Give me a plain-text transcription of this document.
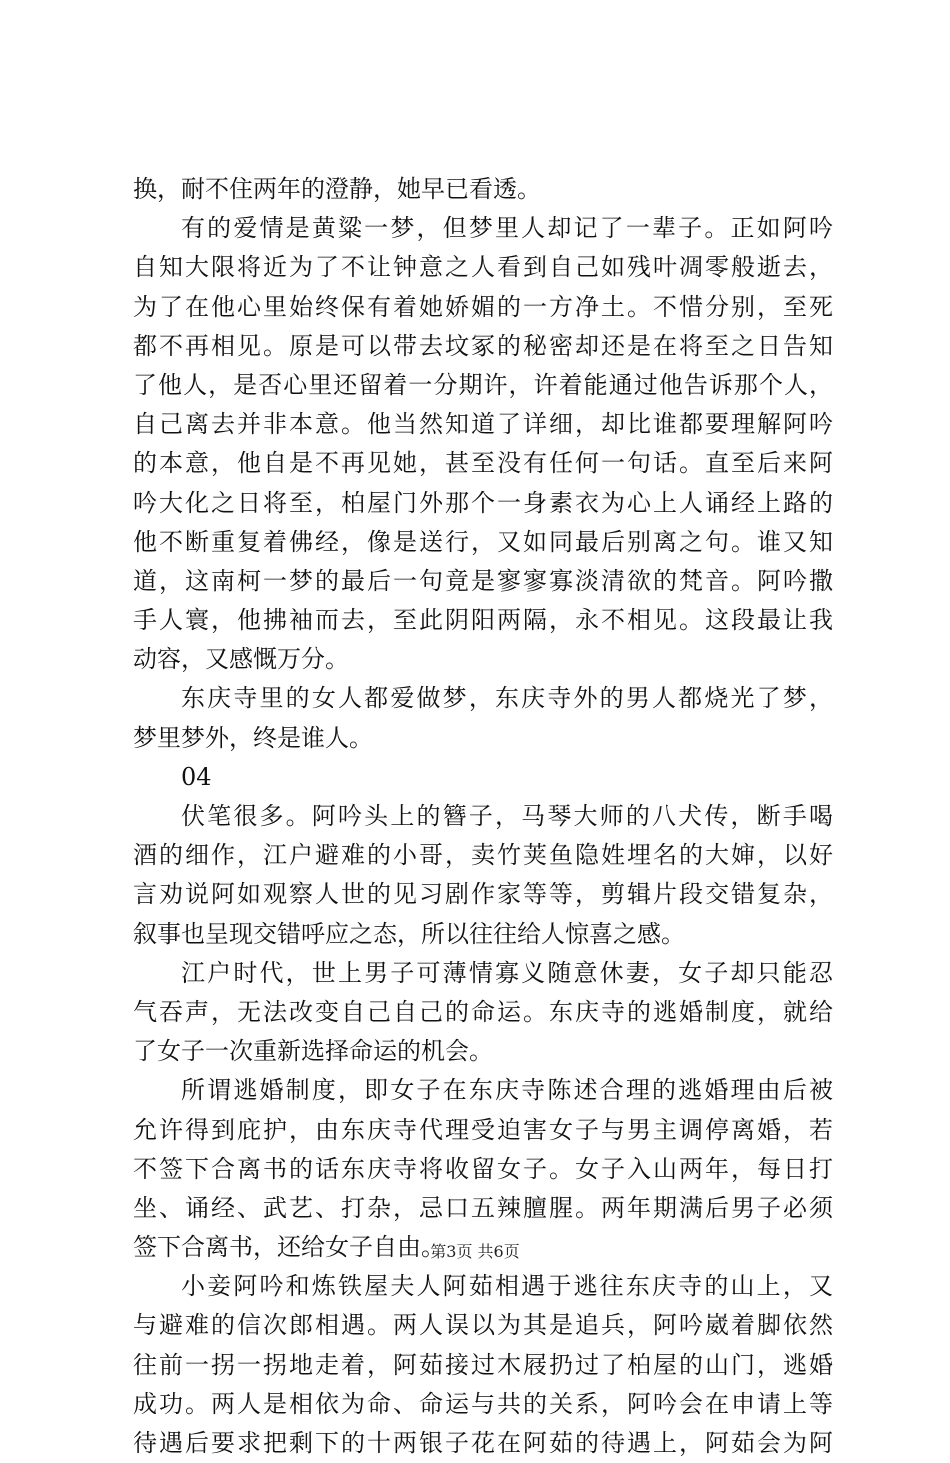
换，耐不住两年的澄静，她早已看透。
有的爱情是黄粱一梦，但梦里人却记了一辈子。正如阿吟
自知大限将近为了不让钟意之人看到自己如残叶凋零般逝去，
为了在他心里始终保有着她娇媚的一方净土。不惜分别，至死
都不再相见。原是可以带去坟冢的秘密却还是在将至之日告知
了他人，是否心里还留着一分期许，许着能通过他告诉那个人，
自己离去并非本意。他当然知道了详细，却比谁都要理解阿吟
的本意，他自是不再见她，甚至没有任何一句话。直至后来阿
吟大化之日将至，柏屋门外那个一身素衣为心上人诵经上路的
他不断重复着佛经，像是送行，又如同最后别离之句。谁又知
道，这南柯一梦的最后一句竟是寥寥寡淡清欲的梵音。阿吟撒
手人寰，他拂袖而去，至此阴阳两隔，永不相见。这段最让我
动容，又感慨万分。
东庆寺里的女人都爱做梦，东庆寺外的男人都烧光了梦，
梦里梦外，终是谁人。
04
伏笔很多。阿吟头上的簪子，马琴大师的八犬传，断手喝
酒的细作，江户避难的小哥，卖竹荚鱼隐姓埋名的大婶，以好
言劝说阿如观察人世的见习剧作家等等，剪辑片段交错复杂，
叙事也呈现交错呼应之态，所以往往给人惊喜之感。
江户时代，世上男子可薄情寡义随意休妻，女子却只能忍
气吞声，无法改变自己自己的命运。东庆寺的逃婚制度，就给
了女子一次重新选择命运的机会。
所谓逃婚制度，即女子在东庆寺陈述合理的逃婚理由后被
允许得到庇护，由东庆寺代理受迫害女子与男主调停离婚，若
不签下合离书的话东庆寺将收留女子。女子入山两年，每日打
坐、诵经、武艺、打杂，忌口五辣膻腥。两年期满后男子必须
签下合离书，还给女子自由。
小妾阿吟和炼铁屋夫人阿茹相遇于逃往东庆寺的山上，又
与避难的信次郎相遇。两人误以为其是追兵，阿吟崴着脚依然
往前一拐一拐地走着，阿茹接过木屐扔过了柏屋的山门，逃婚
成功。两人是相依为命、命运与共的关系，阿吟会在申请上等
待遇后要求把剩下的十两银子花在阿茹的待遇上，阿茹会为阿
第3页 共6页
